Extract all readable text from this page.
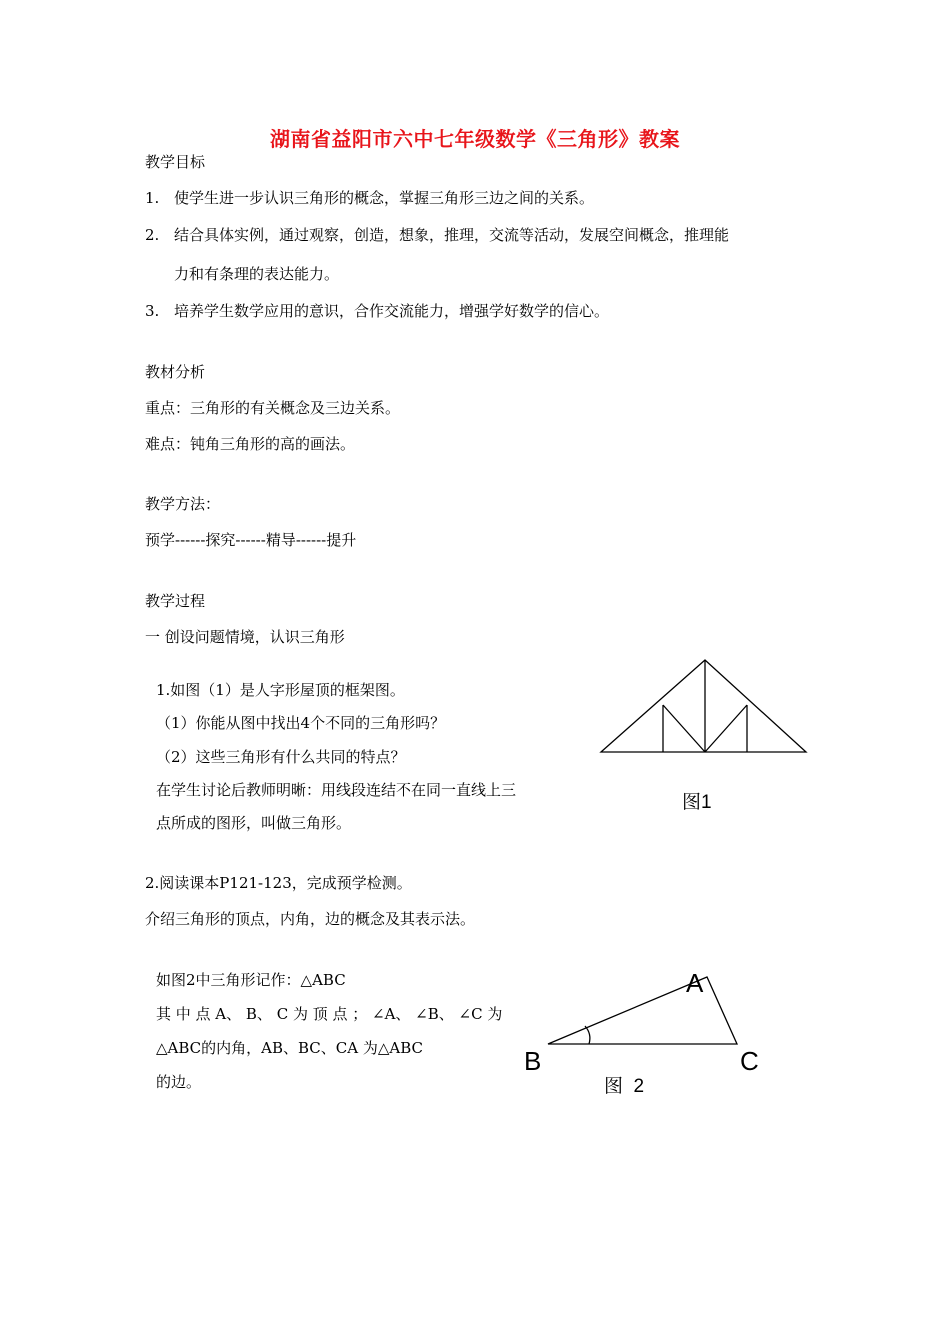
湖南省益阳市六中七年级数学《三角形》教案
教学目标
1. 使学生进一步认识三角形的概念，掌握三角形三边之间的关系。
2. 结合具体实例，通过观察，创造，想象，推理，交流等活动，发展空间概念，推理能
力和有条理的表达能力。
3. 培养学生数学应用的意识，合作交流能力，增强学好数学的信心。
教材分析
重点：三角形的有关概念及三边关系。
难点：钝角三角形的高的画法。
教学方法：
预学------探究------精导------提升
教学过程
一 创设问题情境，认识三角形
1.如图（1）是人字形屋顶的框架图。
（1）你能从图中找出4个不同的三角形吗？
（2）这些三角形有什么共同的特点？
在学生讨论后教师明晰：用线段连结不在同一直线上三
点所成的图形，叫做三角形。
2.阅读课本P121-123，完成预学检测。
介绍三角形的顶点，内角，边的概念及其表示法。
如图2中三角形记作：△ABC
其 中 点 A、 B、 C 为 顶 点 ； ∠A、 ∠B、 ∠C 为
△ABC的内角，AB、BC、CA 为△ABC
的边。
图1
A
B	C
图  2
